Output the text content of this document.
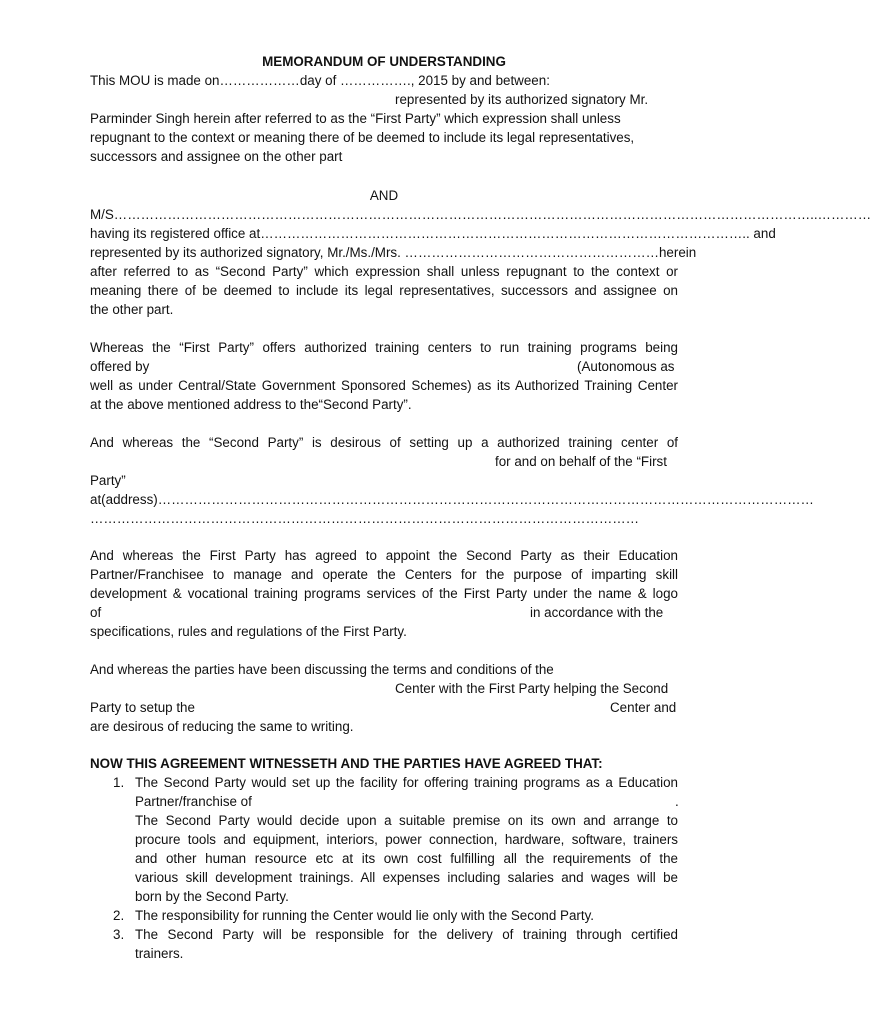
MEMORANDUM OF UNDERSTANDING
This MOU is made on………………day of ……………., 2015 by and between:
represented by its authorized signatory Mr.
Parminder Singh herein after referred to as the “First Party” which expression shall unless
repugnant to the context or meaning there of be deemed to include its legal representatives,
successors and assignee on the other part
AND
M/S…………………………………………………………………………………………………………………………………………..…………
having its registered office at……………………………………………………………………………………………….. and
represented by its authorized signatory, Mr./Ms./Mrs. …………………………………………………herein
after referred to as “Second Party” which expression shall unless repugnant to the context or
meaning there of be deemed to include its legal representatives, successors and assignee on
the other part.
Whereas the “First Party” offers authorized training centers to run training programs being
offered by	(Autonomous as
well as under Central/State Government Sponsored Schemes) as its Authorized Training Center
at the above mentioned address to the“Second Party”.
And whereas the “Second Party” is desirous of setting up a authorized training center of
for and on behalf of the “First
Party”
at(address)…………………………………………………………………………………………………………………………………
……………………………………………………………………………………………………………
And whereas the First Party has agreed to appoint the Second Party as their Education
Partner/Franchisee to manage and operate the Centers for the purpose of imparting skill
development & vocational training programs services of the First Party under the name & logo
of	in accordance with the
specifications, rules and regulations of the First Party.
And whereas the parties have been discussing the terms and conditions of the
Center with the First Party helping the Second
Party to setup the	Center and
are desirous of reducing the same to writing.
NOW THIS AGREEMENT WITNESSETH AND THE PARTIES HAVE AGREED THAT:
1. The Second Party would set up the facility for offering training programs as a Education
Partner/franchise of	.
The Second Party would decide upon a suitable premise on its own and arrange to
procure tools and equipment, interiors, power connection, hardware, software, trainers
and other human resource etc at its own cost fulfilling all the requirements of the
various skill development trainings. All expenses including salaries and wages will be
born by the Second Party.
2. The responsibility for running the Center would lie only with the Second Party.
3. The Second Party will be responsible for the delivery of training through certified
trainers.
